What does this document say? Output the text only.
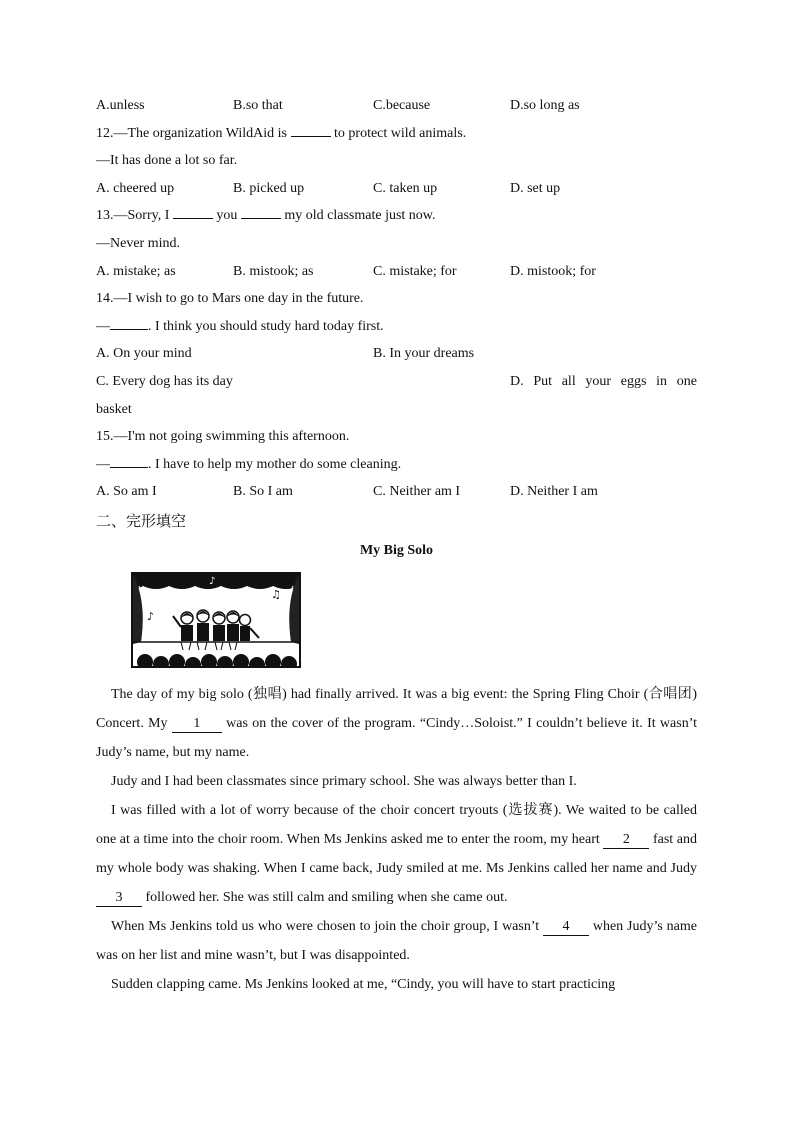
A.unless	B.so that	C.because	D.so long as
12.—The organization WildAid is	to protect wild animals.
—It has done a lot so far.
A. cheered up	B. picked up	C. taken up	D. set up
13.—Sorry, I	you	my old classmate just now.
—Never mind.
A. mistake; as	B. mistook; as	C. mistake; for	D. mistook; for
14.—I wish to go to Mars one day in the future.
—	. I think you should study hard today first.
A. On your mind	B. In your dreams
C. Every dog has its day	D. Put all your eggs in one
basket
15.—I'm not going swimming this afternoon.
—	. I have to help my mother do some cleaning.
A. So am I	B. So I am	C. Neither am I	D. Neither I am
二、完形填空
My Big Solo
♪
♪
♫

The day of my big solo (独唱) had finally arrived. It was a big event: the Spring Fling Choir (合唱团) Concert. My 1 was on the cover of the program. “Cindy…Soloist.” I couldn’t believe it. It wasn’t Judy’s name, but my name.

Judy and I had been classmates since primary school. She was always better than I.

I was filled with a lot of worry because of the choir concert tryouts (选拔赛). We waited to be called one at a time into the choir room. When Ms Jenkins asked me to enter the room, my heart 2 fast and my whole body was shaking. When I came back, Judy smiled at me. Ms Jenkins called her name and Judy 3 followed her. She was still calm and smiling when she came out.

When Ms Jenkins told us who were chosen to join the choir group, I wasn’t 4 when Judy’s name was on her list and mine wasn’t, but I was disappointed.

Sudden clapping came. Ms Jenkins looked at me, “Cindy, you will have to start practicing
